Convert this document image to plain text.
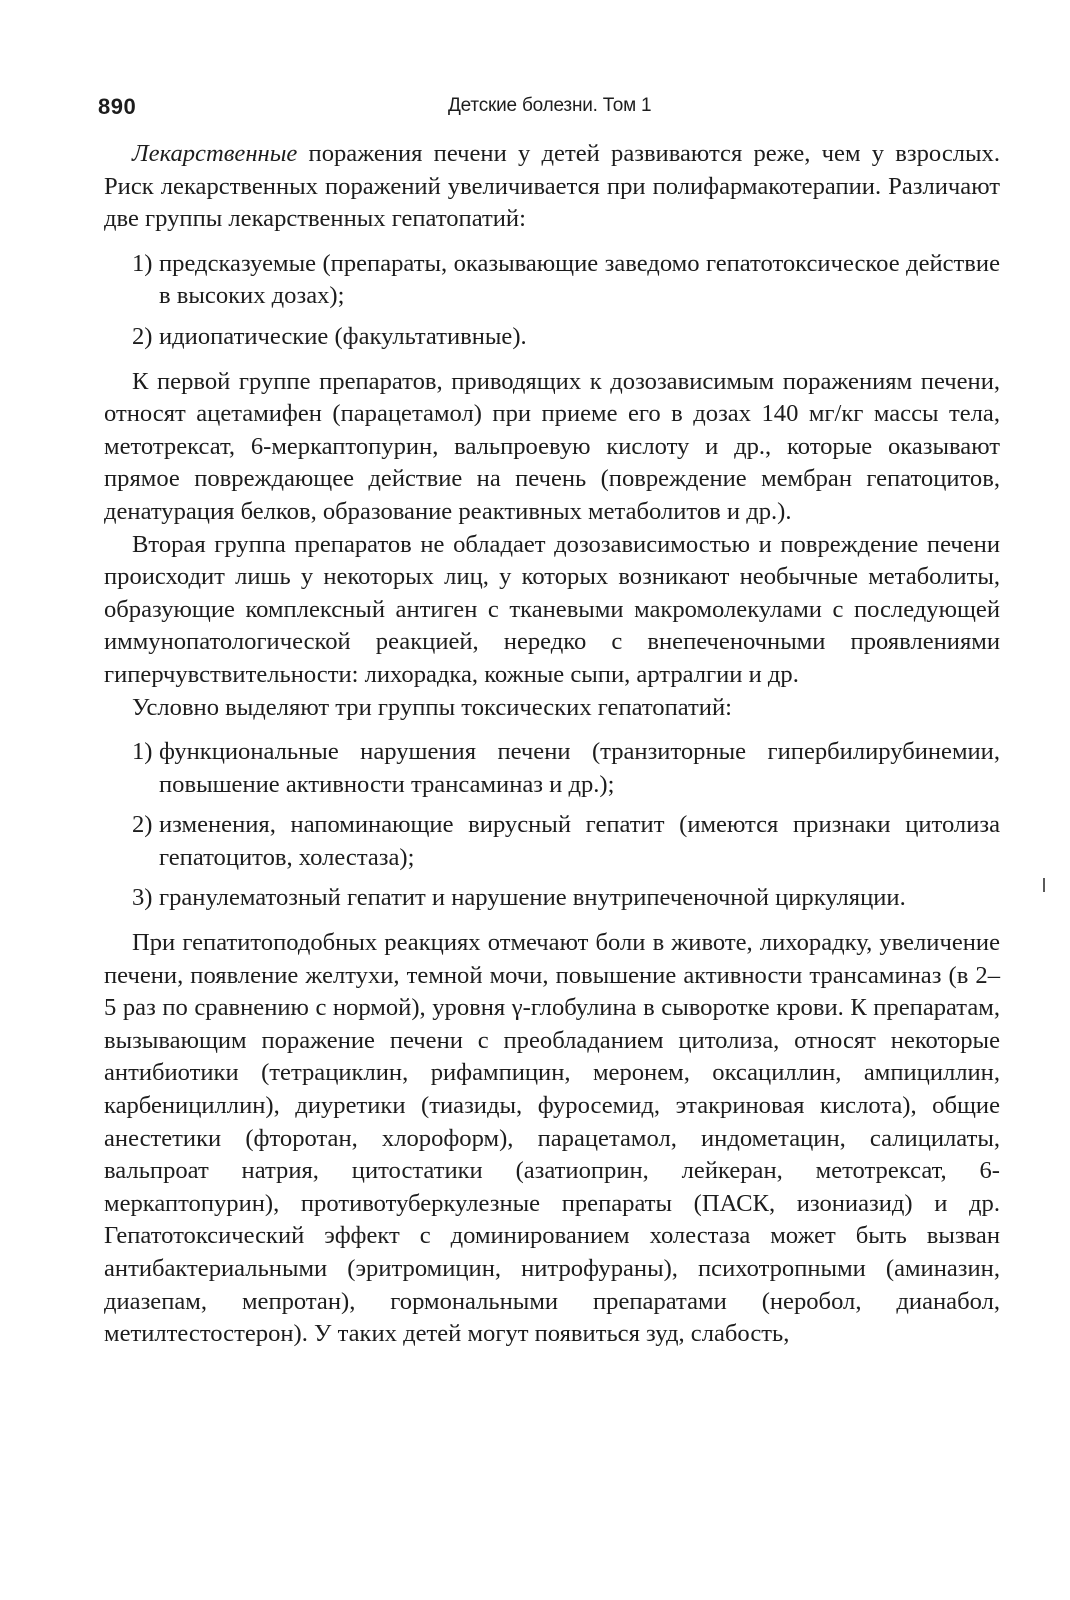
890	Детские болезни. Том 1

Лекарственные поражения печени у детей развиваются реже, чем у взрослых. Риск лекарственных поражений увеличивается при полифармакотерапии. Различают две группы лекарственных гепатопатий:

1) предсказуемые (препараты, оказывающие заведомо гепатотоксическое действие в высоких дозах);
2) идиопатические (факультативные).

К первой группе препаратов, приводящих к дозозависимым поражениям печени, относят ацетамифен (парацетамол) при приеме его в дозах 140 мг/кг массы тела, метотрексат, 6-меркаптопурин, вальпроевую кислоту и др., которые оказывают прямое повреждающее действие на печень (повреждение мембран гепатоцитов, денатурация белков, образование реактивных метаболитов и др.).

Вторая группа препаратов не обладает дозозависимостью и повреждение печени происходит лишь у некоторых лиц, у которых возникают необычные метаболиты, образующие комплексный антиген с тканевыми макромолекулами с последующей иммунопатологической реакцией, нередко с внепеченочными проявлениями гиперчувствительности: лихорадка, кожные сыпи, артралгии и др.

Условно выделяют три группы токсических гепатопатий:

1) функциональные нарушения печени (транзиторные гипербилирубинемии, повышение активности трансаминаз и др.);
2) изменения, напоминающие вирусный гепатит (имеются признаки цитолиза гепатоцитов, холестаза);
3) гранулематозный гепатит и нарушение внутрипеченочной циркуляции.

При гепатитоподобных реакциях отмечают боли в животе, лихорадку, увеличение печени, появление желтухи, темной мочи, повышение активности трансаминаз (в 2–5 раз по сравнению с нормой), уровня γ-глобулина в сыворотке крови. К препаратам, вызывающим поражение печени с преобладанием цитолиза, относят некоторые антибиотики (тетрациклин, рифампицин, меронем, оксациллин, ампициллин, карбенициллин), диуретики (тиазиды, фуросемид, этакриновая кислота), общие анестетики (фторотан, хлороформ), парацетамол, индометацин, салицилаты, вальпроат натрия, цитостатики (азатиоприн, лейкеран, метотрексат, 6-меркаптопурин), противотуберкулезные препараты (ПАСК, изониазид) и др. Гепатотоксический эффект с доминированием холестаза может быть вызван антибактериальными (эритромицин, нитрофураны), психотропными (аминазин, диазепам, мепротан), гормональными препаратами (неробол, дианабол, метилтестостерон). У таких детей могут появиться зуд, слабость,
